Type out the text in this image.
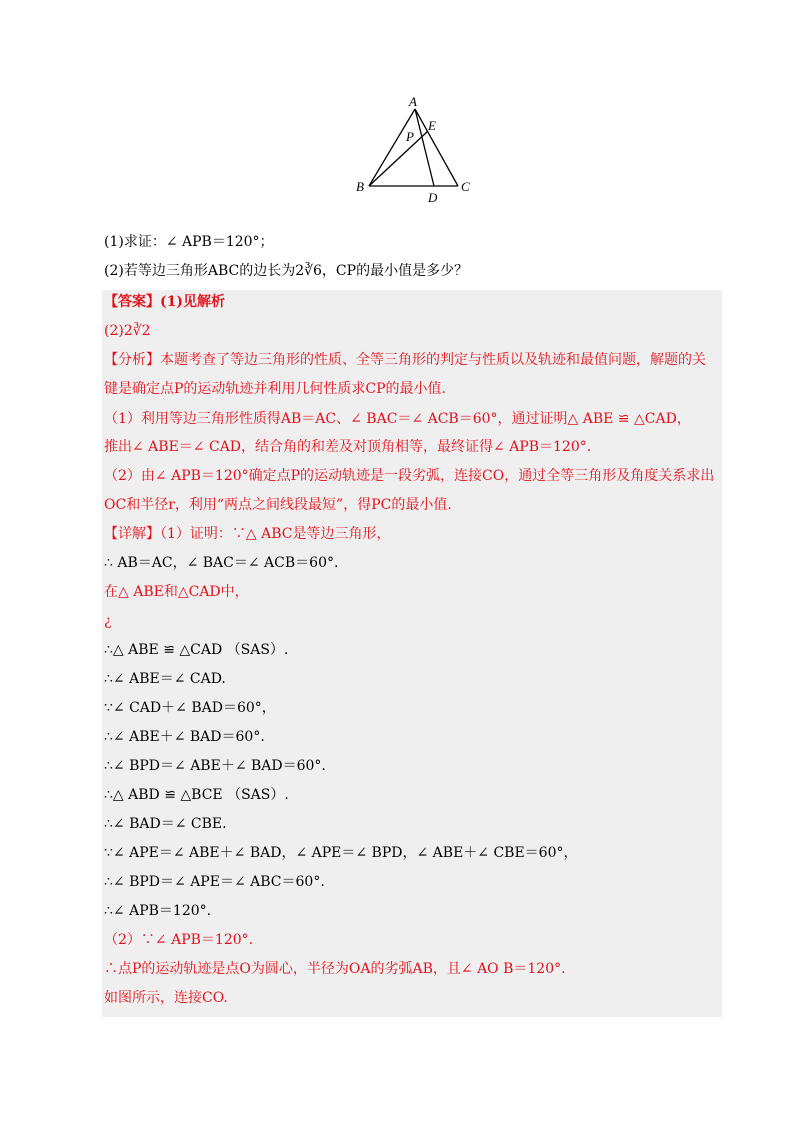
A
B	C
D
E
P
(1)求证：∠ APB＝120°；
(2)若等边三角形ABC的边长为2∛6，CP的最小值是多少？
【答案】(1)见解析
(2)2∛2
【分析】本题考查了等边三角形的性质、全等三角形的判定与性质以及轨迹和最值问题，解题的关
键是确定点P的运动轨迹并利用几何性质求CP的最小值.
（1）利用等边三角形性质得AB＝AC、∠ BAC＝∠ ACB＝60°，通过证明△ ABE ≌ △CAD，
推出∠ ABE＝∠ CAD，结合角的和差及对顶角相等，最终证得∠ APB＝120°.
（2）由∠ APB＝120°确定点P的运动轨迹是一段劣弧，连接CO，通过全等三角形及角度关系求出
OC和半径r，利用“两点之间线段最短”，得PC的最小值.
【详解】（1）证明：∵△ ABC是等边三角形，
∴ AB＝AC，∠ BAC＝∠ ACB＝60°.
在△ ABE和△CAD中，
¿
∴△ ABE ≌ △CAD （SAS）.
∴∠ ABE＝∠ CAD.
∵∠ CAD＋∠ BAD＝60°，
∴∠ ABE＋∠ BAD＝60°.
∴∠ BPD＝∠ ABE＋∠ BAD＝60°.
∴△ ABD ≌ △BCE （SAS）.
∴∠ BAD＝∠ CBE.
∵∠ APE＝∠ ABE＋∠ BAD，∠ APE＝∠ BPD，∠ ABE＋∠ CBE＝60°，
∴∠ BPD＝∠ APE＝∠ ABC＝60°.
∴∠ APB＝120°.
（2）∵∠ APB＝120°.
∴点P的运动轨迹是点O为圆心，半径为OA的劣弧AB，且∠ AO B＝120°.
如图所示，连接CO.
